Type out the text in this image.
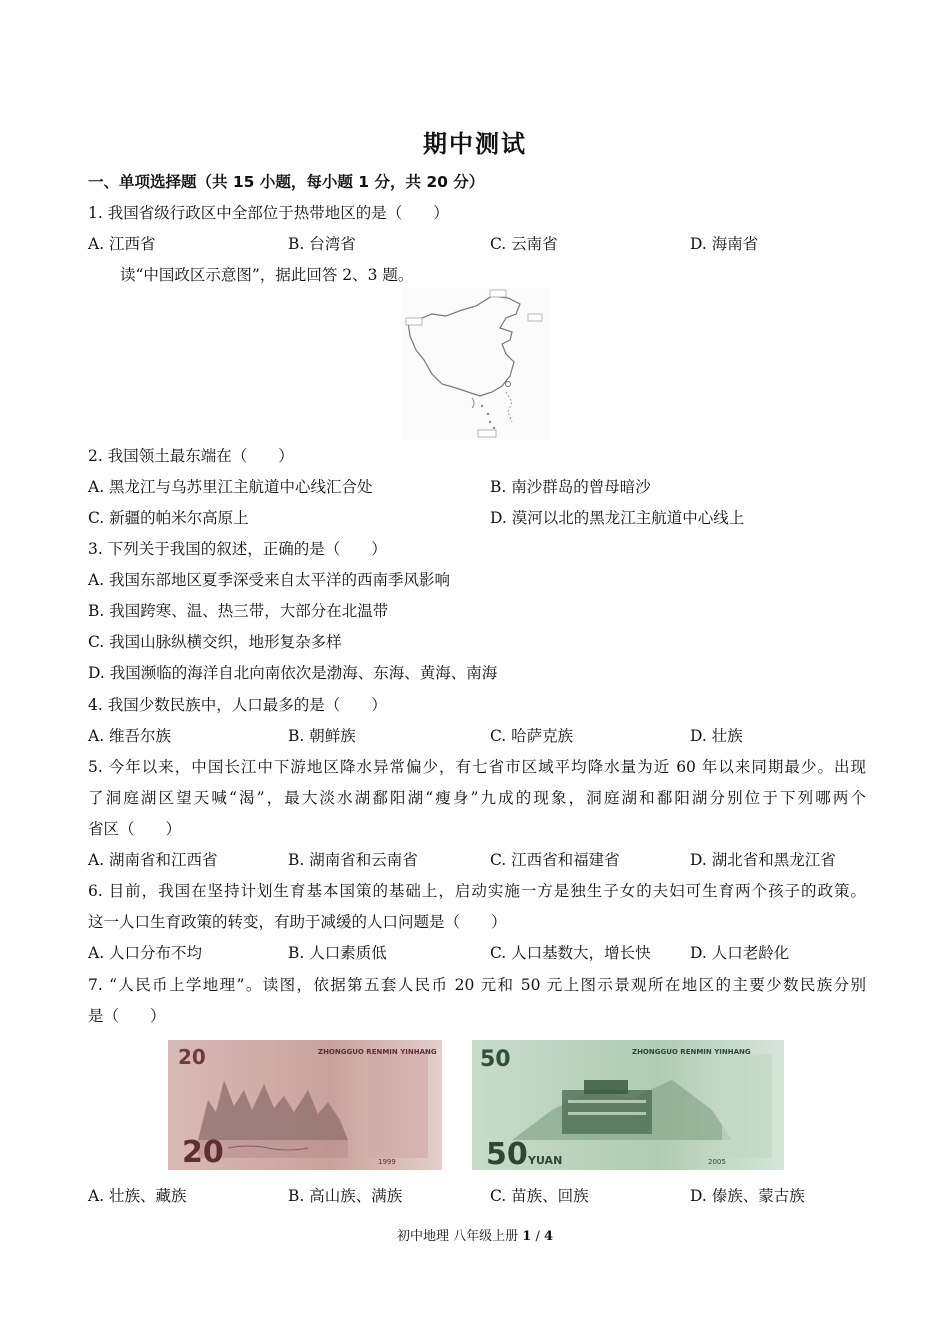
期中测试
一、单项选择题（共 15 小题，每小题 1 分，共 20 分）
1. 我国省级行政区中全部位于热带地区的是（　　）
A. 江西省	B. 台湾省	C. 云南省	D. 海南省
读“中国政区示意图”，据此回答 2、3 题。
2. 我国领土最东端在（　　）
A. 黑龙江与乌苏里江主航道中心线汇合处	B. 南沙群岛的曾母暗沙
C. 新疆的帕米尔高原上	D. 漠河以北的黑龙江主航道中心线上
3. 下列关于我国的叙述，正确的是（　　）
A. 我国东部地区夏季深受来自太平洋的西南季风影响
B. 我国跨寒、温、热三带，大部分在北温带
C. 我国山脉纵横交织，地形复杂多样
D. 我国濒临的海洋自北向南依次是渤海、东海、黄海、南海
4. 我国少数民族中，人口最多的是（　　）
A. 维吾尔族	B. 朝鲜族	C. 哈萨克族	D. 壮族
5. 今年以来，中国长江中下游地区降水异常偏少，有七省市区域平均降水量为近 60 年以来同期最少。出现
了洞庭湖区望天喊“渴”，最大淡水湖鄱阳湖“瘦身”九成的现象，洞庭湖和鄱阳湖分别位于下列哪两个
省区（　　）
A. 湖南省和江西省	B. 湖南省和云南省	C. 江西省和福建省	D. 湖北省和黑龙江省
6. 目前，我国在坚持计划生育基本国策的基础上，启动实施一方是独生子女的夫妇可生育两个孩子的政策。
这一人口生育政策的转变，有助于减缓的人口问题是（　　）
A. 人口分布不均	B. 人口素质低	C. 人口基数大，增长快	D. 人口老龄化
7. “人民币上学地理”。读图，依据第五套人民币 20 元和 50 元上图示景观所在地区的主要少数民族分别
是（　　）
20
20
ZHONGGUO RENMIN YINHANG
1999
50
50 YUAN
ZHONGGUO RENMIN YINHANG
2005
A. 壮族、藏族	B. 高山族、满族	C. 苗族、回族	D. 傣族、蒙古族
初中地理 八年级上册 1 / 4
